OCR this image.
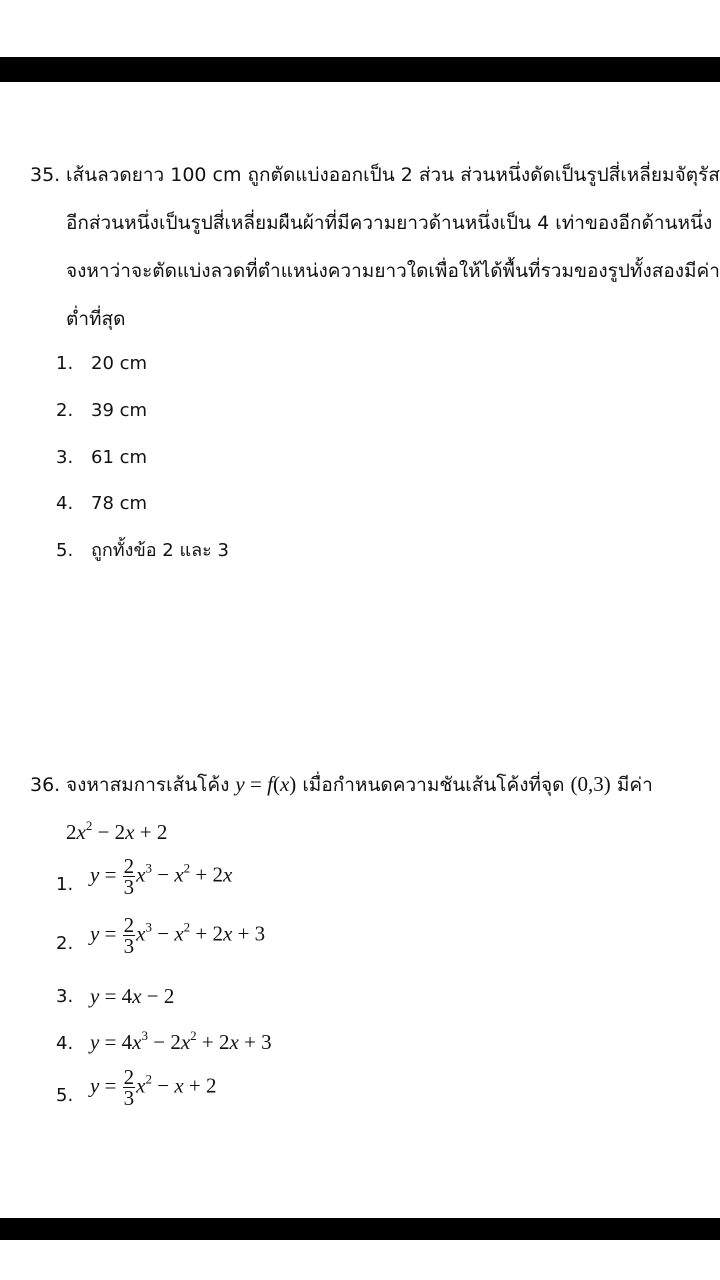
35. เส้นลวดยาว 100 cm ถูกตัดแบ่งออกเป็น 2 ส่วน ส่วนหนึ่งดัดเป็นรูปสี่เหลี่ยมจัตุรัส
อีกส่วนหนึ่งเป็นรูปสี่เหลี่ยมผืนผ้าที่มีความยาวด้านหนึ่งเป็น 4 เท่าของอีกด้านหนึ่ง
จงหาว่าจะตัดแบ่งลวดที่ตำแหน่งความยาวใดเพื่อให้ได้พื้นที่รวมของรูปทั้งสองมีค่า
ต่ำที่สุด
1. 20 cm
2. 39 cm
3. 61 cm
4. 78 cm
5. ถูกทั้งข้อ 2 และ 3
36. จงหาสมการเส้นโค้ง y = f(x) เมื่อกำหนดความชันเส้นโค้งที่จุด (0,3) มีค่า
$2x^2 - 2x + 2$
1. $y = \frac{2}{3} x^3 - x^2 + 2x$
2. $y = \frac{2}{3} x^3 - x^2 + 2x + 3$
3. y = 4x − 2
4. $y = 4x^3 - 2x^2 + 2x + 3$
5. $y = \frac{2}{3} x^2 - x + 2$
